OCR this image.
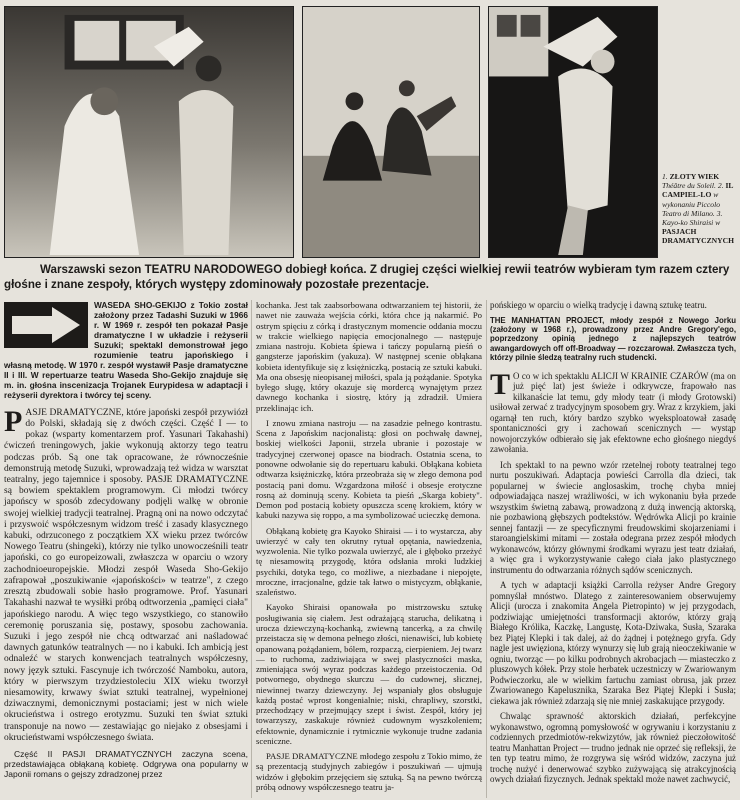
1. ZŁOTY WIEK Théâtre du Soleil. 2. IL CAMPIEL-LO w wykonaniu Piccolo Teatro di Milano. 3. Kayo-ko Shiraisi w PASJACH DRAMATYCZNYCH
Warszawski sezon TEATRU NARODOWEGO dobiegł końca. Z drugiej części wielkiej rewii teatrów wybieram tym razem cztery głośne i znane zespoły, których występy zdominowały pozostałe prezentacje.
WASEDA SHO-GEKIJO z Tokio został założony przez Tadashi Suzuki w 1966 r. W 1969 r. zespół ten pokazał Pasje dramatyczne I w układzie i reżyserii Suzuki; spektakl demonstrował jego rozumienie teatru japońskiego i własną metodę. W 1970 r. zespół wystawił Pasje dramatyczne II i III. W repertuarze teatru Waseda Sho-Gekijo znajduje się m. in. głośna inscenizacja Trojanek Eurypidesa w adaptacji i reżyserii dyrektora i twórcy tej sceny.

PASJE DRAMATYCZNE, które japoński zespół przywiózł do Polski, składają się z dwóch części. Część I — to pokaz (wsparty komentarzem prof. Yasunari Takahashi) ćwiczeń treningowych, jakie wykonują aktorzy tego teatru podczas prób. Są one tak opracowane, że równocześnie demonstrują metodę Suzuki, wprowadzają też widza w warsztat teatralny, jego tajemnice i sposoby. PASJE DRAMATYCZNE są bowiem spektaklem programowym. Ci młodzi twórcy japońscy w sposób zdecydowany podjęli walkę w obronie swojej wielkiej tradycji teatralnej. Pragną oni na nowo odczytać i przyswoić współczesnym widzom treść i zasady klasycznego kabuki, odrzuconego z początkiem XX wieku przez twórców Nowego Teatru (shingeki), którzy nie tylko unowocześnili teatr japoński, co go europeizowali, zwłaszcza w oparciu o wzory zachodnioeuropejskie. Młodzi zespół Waseda Sho-Gekijo zafrapował „poszukiwanie «japońskości» w teatrze", z czego zresztą zbudowali sobie hasło programowe. Prof. Yasunari Takahashi nazwał te wysiłki próbą odtworzenia „pamięci ciała" japońskiego narodu. A więc tego wszystkiego, co stanowiło ceremonię poruszania się, postawy, sposobu zachowania. Suzuki i jego zespół nie chcą odtwarzać ani naśladować dawnych gatunków teatralnych — no i kabuki. Ich ambicją jest odnaleźć w starych konwencjach teatralnych współczesny, nowy język sztuki. Fascynuje ich twórczość Namboku, autora, który w pierwszym trzydziestoleciu XIX wieku tworzył niesamowity, krwawy świat sztuki teatralnej, wypełnionej dziwacznymi, demonicznymi postaciami; jest w nich wiele okrucieństwa i ostrego erotyzmu. Suzuki ten świat sztuki transponuje na nowo — zestawiając go niejako z obsesjami i okrucieństwami współczesnego świata.

Część II PASJI DRAMATYCZNYCH zaczyna scena, przedstawiająca obłąkaną kobietę. Odgrywa ona popularny w Japonii romans o gejszy zdradzonej przez

kochanka. Jest tak zaabsorbowana odtwarzaniem tej historii, że nawet nie zauważa wejścia córki, która chce ją nakarmić. Po ostrym spięciu z córką i drastycznym momencie oddania moczu w trakcie wielkiego napięcia emocjonalnego — następuje zmiana nastroju. Kobieta śpiewa i tańczy popularną pieśń o gangsterze japońskim (yakuza). W następnej scenie obłąkana kobieta identyfikuje się z księżniczką, postacią ze sztuki kabuki. Ma ona obsesję nieopisanej miłości, spala ją pożądanie. Spotyka byłego sługę, który okazuje się mordercą wynajętym przez dawnego kochanka i siostrę, który ją zdradził. Umiera przeklinając ich.

I znowu zmiana nastroju — na zasadzie pełnego kontrastu. Scena z Japońskim nacjonalistą: głosi on pochwałę dawnej, boskiej wielkości Japonii, strzela ubranie i pozostaje w tradycyjnej czerwonej opasce na biodrach. Ostatnia scena, to ponowne odwołanie się do repertuaru kabuki. Obłąkana kobieta odtwarza księżniczkę, która przeobraża się w złego demona pod postacią pani domu. Wzgardzona miłość i obsesje erotyczne rosną aż dominują sceny. Kobieta ta pieśń „Skarga kobiety". Demon pod postacią kobiety opuszcza scenę krokiem, który w kabuki nazywa się roppo, a ma symbolizować ucieczkę demona.

Obłąkaną kobietę gra Kayoko Shiraisi — i to wystarcza, aby uwierzyć w cały ten okrutny rytuał opętania, nawiedzenia, wyzwolenia. Nie tylko pozwala uwierzyć, ale i głęboko przeżyć tę niesamowitą przygodę, która odsłania mroki ludzkiej psychiki, dotyka tego, co możliwe, a niezbadane i niepojęte, mroczne, irracjonalne, gdzie tak łatwo o mistycyzm, obłąkanie, szaleństwo.

Kayoko Shiraisi opanowała po mistrzowsku sztukę posługiwania się ciałem. Jest odrażającą starucha, delikatną i urocza dziewczyną-kochanką, zwiewną tancerką, a za chwilę przeistacza się w demona pełnego złości, nienawiści, lub kobietę opanowaną pożądaniem, bólem, rozpaczą, cierpieniem. Jej twarz — to ruchoma, zadziwiająca w swej plastyczności maska, zmieniająca swój wyraz podczas każdego przeistoczenia. Od potwornego, obydnego skurczu — do cudownej, słicznej, niewinnej twarzy dziewczyny. Jej wspaniały głos obsługuje każdą postać wprost kongenialnie; niski, chrapliwy, szorstki, przechodzący w przejmujący szept i świst. Zespół, który jej towarzyszy, zaskakuje również cudownym wyszkoleniem; efektownie, dynamicznie i rytmicznie wykonuje trudne zadania sceniczne.

PASJE DRAMATYCZNE młodego zespołu z Tokio mimo, że są prezentacją studyjnych zabiegów i poszukiwań — ujmują widzów i głębokim przejęciem się sztuką. Są na pewno twórczą próbą odnowy współczesnego teatru ja-

pońskiego w oparciu o wielką tradycję i dawną sztukę teatru.

THE MANHATTAN PROJECT, młody zespół z Nowego Jorku (założony w 1968 r.), prowadzony przez Andre Gregory'ego, poprzedzony opinią jednego z najlepszych teatrów awangardowych off off-Broadway — rozczarował. Zwłaszcza tych, którzy pilnie śledzą teatralny ruch studencki.

T O co w ich spektaklu ALICJI W KRAINIE CZARÓW (ma on już pięć lat) jest świeże i odkrywcze, frapowało nas kilkanaście lat temu, gdy młody teatr (i młody Grotowski) usiłował zerwać z tradycyjnym sposobem gry. Wraz z krzykiem, jaki ogarnął ten ruch, który bardzo szybko wyeksploatował zasadę spontaniczności gry i zachowań scenicznych — wystąp nowojorczyków odbierało się jak efektowne echo głośnego niegdyś zawołania.

Ich spektakl to na pewno wzór rzetelnej roboty teatralnej tego nurtu poszukiwań. Adaptacja powieści Carrolla dla dzieci, tak popularnej w świecie anglosaskim, trochę chyba mniej odpowiadająca naszej wrażliwości, w ich wykonaniu była przede wszystkim świetną zabawą, prowadzoną z dużą inwencją aktorską, nie pozbawioną głębszych podtekstów. Wędrówka Alicji po krainie sennej fantazji — ze specyficznymi freudowskimi skojarzeniami i staroangielskimi mitami — została odegrana przez zespół młodych wykonawców, którzy głównymi środkami wyrazu jest teatr działań, a więc gra i wykorzystywanie całego ciała jako plastycznego instrumentu do odtwarzania różnych sądów scenicznych.

A tych w adaptacji książki Carrolla reżyser Andre Gregory pomnyślał mnóstwo. Dlatego z zainteresowaniem obserwujemy Alicji (urocza i znakomita Angela Pietropinto) w jej przygodach, podziwiając umiejętności transformacji aktorów, którzy grają Białego Królika, Kaczkę, Langustę, Kota-Dziwaka, Susła, Szaraka bez Piątej Klepki i tak dalej, aż do żądnej i potężnego gryfa. Gdy nagle jest uwięziona, którzy wynurzy się lub grają nieoczekiwanie w ogniu, tworząc — po kilku podrobnych akrobacjach — miasteczko z pluszowych kółek. Przy stole herbatek uczestniczy w Zwariowanym Podwieczorku, ale w wielkim fartuchu zamiast obrusa, jak przez Zwariowanego Kapelusznika, Szaraka Bez Piątej Klepki i Susła; ciekawa jak również zdarzają się nie mniej zaskakujące przygody.

Chwaląc sprawność aktorskich działań, perfekcyjne wykonawstwo, ogromną pomysłowość w ogrywaniu i korzystaniu z codziennych przedmiotów-rekwizytów, jak również pieczołowitość teatru Manhattan Project — trudno jednak nie oprzeć się refleksji, że ten typ teatru mimo, że rozgrywa się wśród widzów, zaczyna już trochę nużyć i denerwować szybko zużywającą się atrakcyjnością owych działań fizycznych. Jednak spektakl może nawet zachwycić,
